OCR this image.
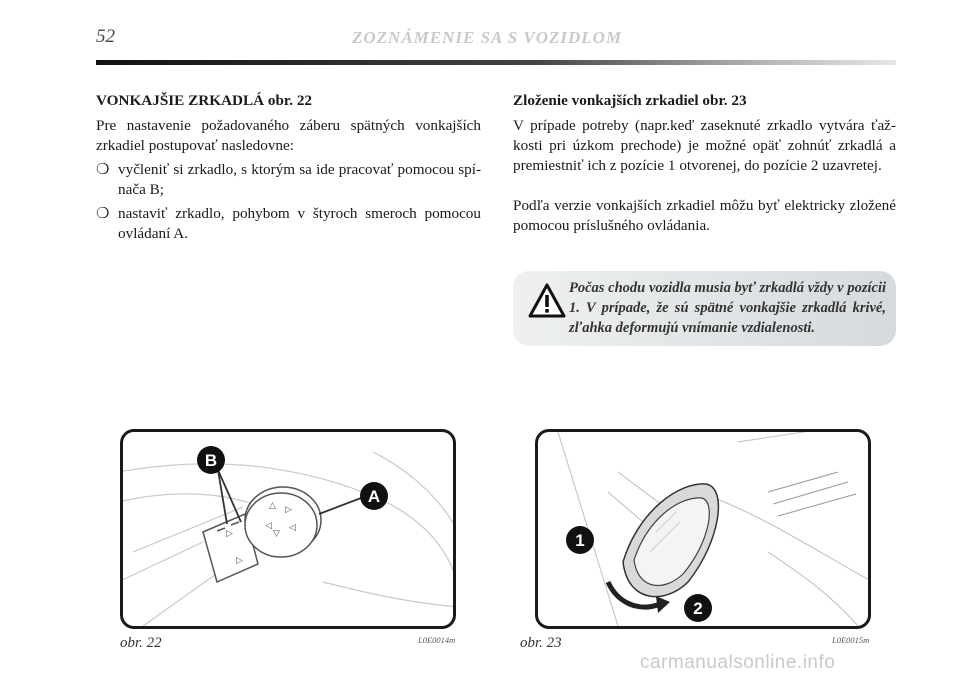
52	ZOZNÁMENIE SA S VOZIDLOM
VONKAJŠIE ZRKADLÁ obr. 22
Pre nastavenie požadovaného záberu spätných vonkajších zrkadiel postupovať nasledovne:
❍ vyčleniť si zrkadlo, s ktorým sa ide pracovať pomocou spínača B;
❍ nastaviť zrkadlo, pohybom v štyroch smeroch pomocou ovládaní A.
Zloženie vonkajších zrkadiel obr. 23
V prípade potreby (napr.keď zaseknuté zrkadlo vytvára ťažkosti pri úzkom prechode) je možné opäť zohnúť zrkadlá a premiestniť ich z pozície 1 otvorenej, do pozície 2 uzavretej.
Podľa verzie vonkajších zrkadiel môžu byť elektricky zložené pomocou príslušného ovládania.
Počas chodu vozidla musia byť zrkadlá vždy v pozícii 1. V prípade, že sú spätné vonkajšie zrkadlá krivé, zľahka deformujú vnímanie vzdialenosti.
▷
▷
△ ▷
◁ ◁
▽
B
A
1
2
obr. 22	L0E0014m	obr. 23	L0E0015m
carmanualsonline.info
